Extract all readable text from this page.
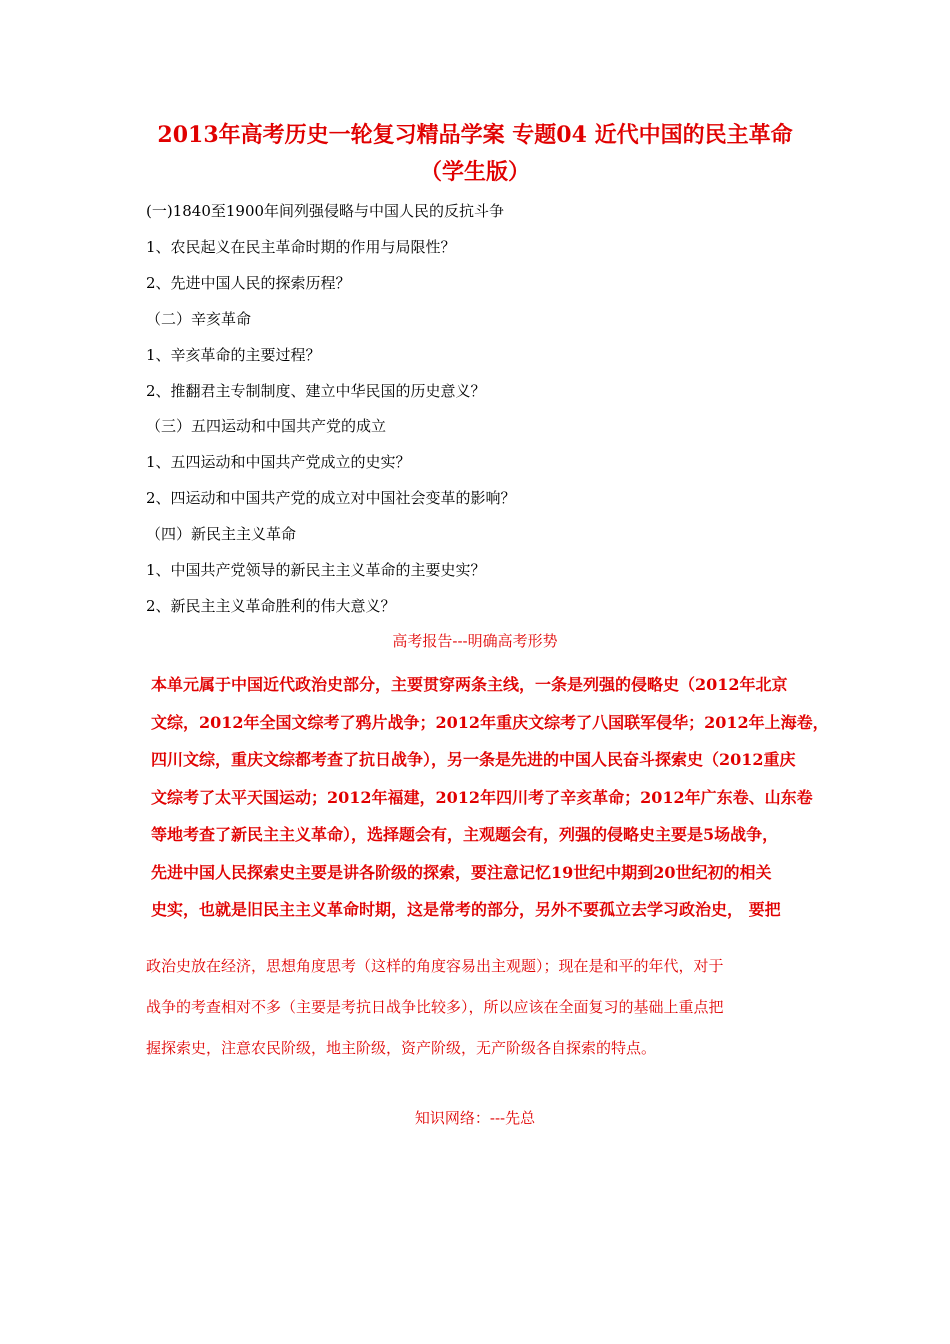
2013年高考历史一轮复习精品学案 专题04 近代中国的民主革命
（学生版）
(一)1840至1900年间列强侵略与中国人民的反抗斗争
1、农民起义在民主革命时期的作用与局限性？
2、先进中国人民的探索历程？
（二）辛亥革命
1、辛亥革命的主要过程？
2、推翻君主专制制度、建立中华民国的历史意义？
（三）五四运动和中国共产党的成立
1、五四运动和中国共产党成立的史实？
2、四运动和中国共产党的成立对中国社会变革的影响？
（四）新民主主义革命
1、中国共产党领导的新民主主义革命的主要史实？
2、新民主主义革命胜利的伟大意义？
高考报告---明确高考形势
本单元属于中国近代政治史部分，主要贯穿两条主线，一条是列强的侵略史（2012年北京
文综，2012年全国文综考了鸦片战争；2012年重庆文综考了八国联军侵华；2012年上海卷，
四川文综，重庆文综都考查了抗日战争），另一条是先进的中国人民奋斗探索史（2012重庆
文综考了太平天国运动；2012年福建，2012年四川考了辛亥革命；2012年广东卷、山东卷
等地考查了新民主主义革命），选择题会有，主观题会有，列强的侵略史主要是5场战争，
先进中国人民探索史主要是讲各阶级的探索，要注意记忆19世纪中期到20世纪初的相关
史实，也就是旧民主主义革命时期，这是常考的部分，另外不要孤立去学习政治史， 要把
政治史放在经济，思想角度思考（这样的角度容易出主观题）；现在是和平的年代，对于
战争的考查相对不多（主要是考抗日战争比较多），所以应该在全面复习的基础上重点把
握探索史，注意农民阶级，地主阶级，资产阶级，无产阶级各自探索的特点。
知识网络：---先总
